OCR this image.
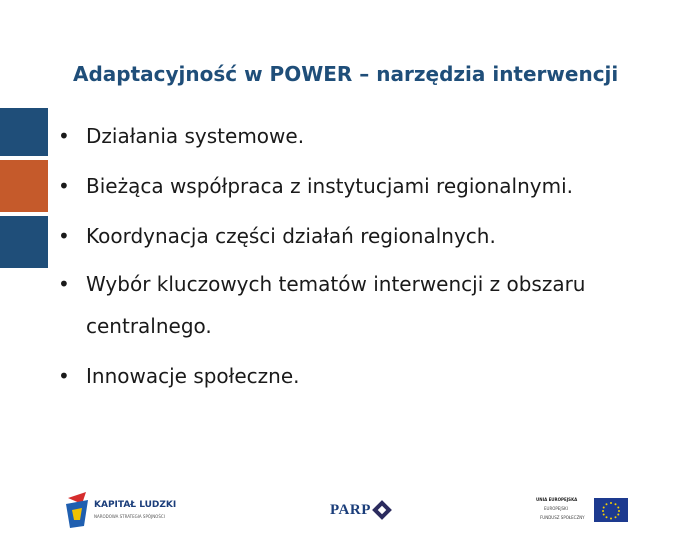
Adaptacyjność w POWER – narzędzia interwencji
• Działania systemowe.
• Bieżąca współpraca z instytucjami regionalnymi.
• Koordynacja części działań regionalnych.
• Wybór kluczowych tematów interwencji z obszaru
centralnego.
• Innowacje społeczne.
KAPITAŁ LUDZKI
NARODOWA STRATEGIA SPÓJNOŚCI	PARP
UNIA EUROPEJSKA
EUROPEJSKI
FUNDUSZ SPOŁECZNY
